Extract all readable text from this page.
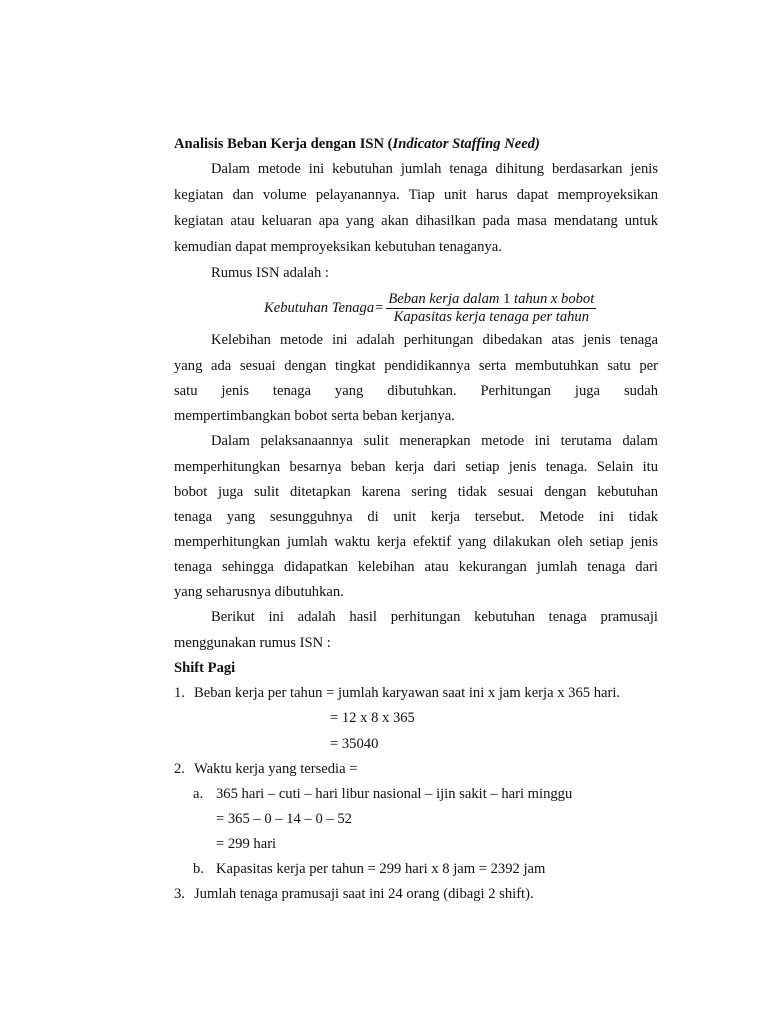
Analisis Beban Kerja dengan ISN (Indicator Staffing Need)
Dalam metode ini kebutuhan jumlah tenaga dihitung berdasarkan jenis
kegiatan dan volume pelayanannya. Tiap unit harus dapat memproyeksikan
kegiatan atau keluaran apa yang akan dihasilkan pada masa mendatang untuk
kemudian dapat memproyeksikan kebutuhan tenaganya.
Rumus ISN adalah :
Kebutuhan Tenaga = $\frac{\text{Beban kerja dalam 1 tahun x bobot}}{\text{Kapasitas kerja tenaga per tahun}}$
Kelebihan metode ini adalah perhitungan dibedakan atas jenis tenaga
yang ada sesuai dengan tingkat pendidikannya serta membutuhkan satu per
satu jenis tenaga yang dibutuhkan. Perhitungan juga sudah
mempertimbangkan bobot serta beban kerjanya.
Dalam pelaksanaannya sulit menerapkan metode ini terutama dalam
memperhitungkan besarnya beban kerja dari setiap jenis tenaga. Selain itu
bobot juga sulit ditetapkan karena sering tidak sesuai dengan kebutuhan
tenaga yang sesungguhnya di unit kerja tersebut. Metode ini tidak
memperhitungkan jumlah waktu kerja efektif yang dilakukan oleh setiap jenis
tenaga sehingga didapatkan kelebihan atau kekurangan jumlah tenaga dari
yang seharusnya dibutuhkan.
Berikut ini adalah hasil perhitungan kebutuhan tenaga pramusaji
menggunakan rumus ISN :
Shift Pagi
1. Beban kerja per tahun = jumlah karyawan saat ini x jam kerja x 365 hari.
= 12 x 8 x 365
= 35040
2. Waktu kerja yang tersedia =
a. 365 hari – cuti – hari libur nasional – ijin sakit – hari minggu
= 365 – 0 – 14 – 0 – 52
= 299 hari
b. Kapasitas kerja per tahun = 299 hari x 8 jam = 2392 jam
3. Jumlah tenaga pramusaji saat ini 24 orang (dibagi 2 shift).
